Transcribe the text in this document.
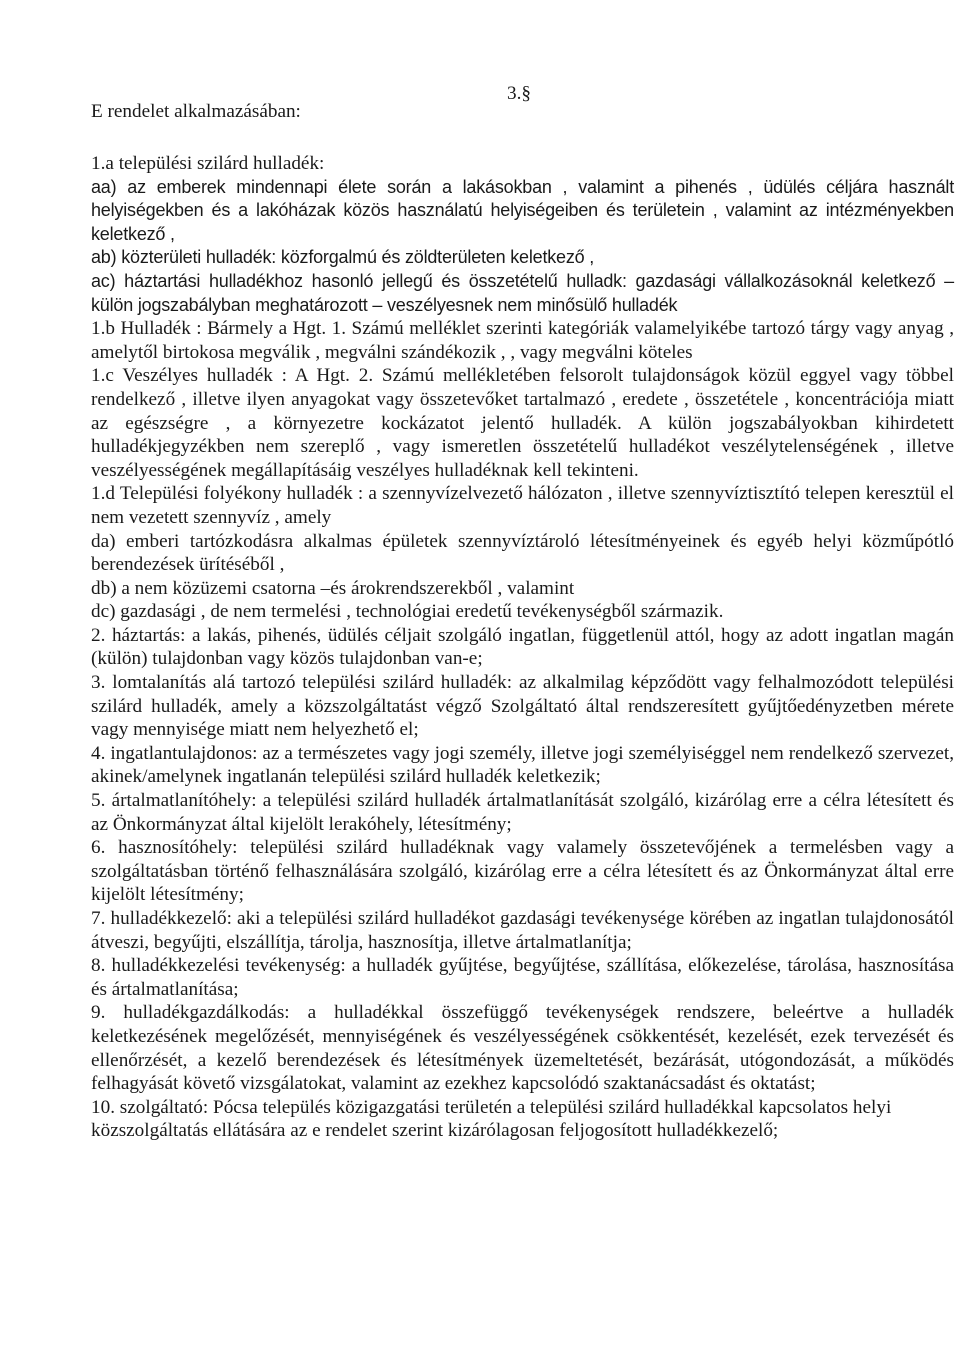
E rendelet alkalmazásában:
3.§

1.a települési szilárd hulladék:

aa) az emberek mindennapi élete során a lakásokban , valamint a pihenés , üdülés céljára használt helyiségekben és a lakóházak közös használatú helyiségeiben és területein , valamint az intézményekben keletkező ,

ab) közterületi hulladék: közforgalmú és zöldterületen keletkező ,

ac) háztartási hulladékhoz hasonló jellegű és összetételű hulladk: gazdasági vállalkozásoknál keletkező – külön jogszabályban meghatározott – veszélyesnek nem minősülő hulladék

1.b Hulladék : Bármely a Hgt. 1. Számú melléklet szerinti kategóriák valamelyikébe tartozó tárgy vagy anyag , amelytől birtokosa megválik , megválni szándékozik , , vagy megválni köteles

1.c Veszélyes hulladék : A Hgt. 2. Számú mellékletében felsorolt tulajdonságok közül eggyel vagy többel rendelkező , illetve ilyen anyagokat vagy összetevőket tartalmazó , eredete , összetétele , koncentrációja miatt az egészségre , a környezetre kockázatot jelentő hulladék. A külön jogszabályokban kihirdetett hulladékjegyzékben nem szereplő , vagy ismeretlen összetételű hulladékot veszélytelenségének , illetve veszélyességének megállapításáig veszélyes hulladéknak kell tekinteni.

1.d Települési folyékony hulladék : a szennyvízelvezető hálózaton , illetve szennyvíztisztító telepen keresztül el nem vezetett szennyvíz , amely

da) emberi tartózkodásra alkalmas épületek szennyvíztároló létesítményeinek és egyéb helyi közműpótló berendezések ürítéséből ,

db) a nem közüzemi csatorna –és árokrendszerekből , valamint

dc) gazdasági , de nem termelési , technológiai eredetű tevékenységből származik.

2. háztartás: a lakás, pihenés, üdülés céljait szolgáló ingatlan, függetlenül attól, hogy az adott ingatlan magán (külön) tulajdonban vagy közös tulajdonban van-e;

3. lomtalanítás alá tartozó települési szilárd hulladék: az alkalmilag képződött vagy felhalmozódott települési szilárd hulladék, amely a közszolgáltatást végző Szolgáltató által rendszeresített gyűjtőedényzetben mérete vagy mennyisége miatt nem helyezhető el;

4. ingatlantulajdonos: az a természetes vagy jogi személy, illetve jogi személyiséggel nem rendelkező szervezet, akinek/amelynek ingatlanán települési szilárd hulladék keletkezik;

5. ártalmatlanítóhely: a települési szilárd hulladék ártalmatlanítását szolgáló, kizárólag erre a célra létesített és az Önkormányzat által kijelölt lerakóhely, létesítmény;

6. hasznosítóhely: települési szilárd hulladéknak vagy valamely összetevőjének a termelésben vagy a szolgáltatásban történő felhasználására szolgáló, kizárólag erre a célra létesített és az Önkormányzat által erre kijelölt létesítmény;

7. hulladékkezelő: aki a települési szilárd hulladékot gazdasági tevékenysége körében az ingatlan tulajdonosától átveszi, begyűjti, elszállítja, tárolja, hasznosítja, illetve ártalmatlanítja;

8. hulladékkezelési tevékenység: a hulladék gyűjtése, begyűjtése, szállítása, előkezelése, tárolása, hasznosítása és ártalmatlanítása;

9. hulladékgazdálkodás: a hulladékkal összefüggő tevékenységek rendszere, beleértve a hulladék keletkezésének megelőzését, mennyiségének és veszélyességének csökkentését, kezelését, ezek tervezését és ellenőrzését, a kezelő berendezések és létesítmények üzemeltetését, bezárását, utógondozását, a működés felhagyását követő vizsgálatokat, valamint az ezekhez kapcsolódó szaktanácsadást és oktatást;

10. szolgáltató: Pócsa település közigazgatási területén a települési szilárd hulladékkal kapcsolatos helyi közszolgáltatás ellátására az e rendelet szerint kizárólagosan feljogosított hulladékkezelő;
